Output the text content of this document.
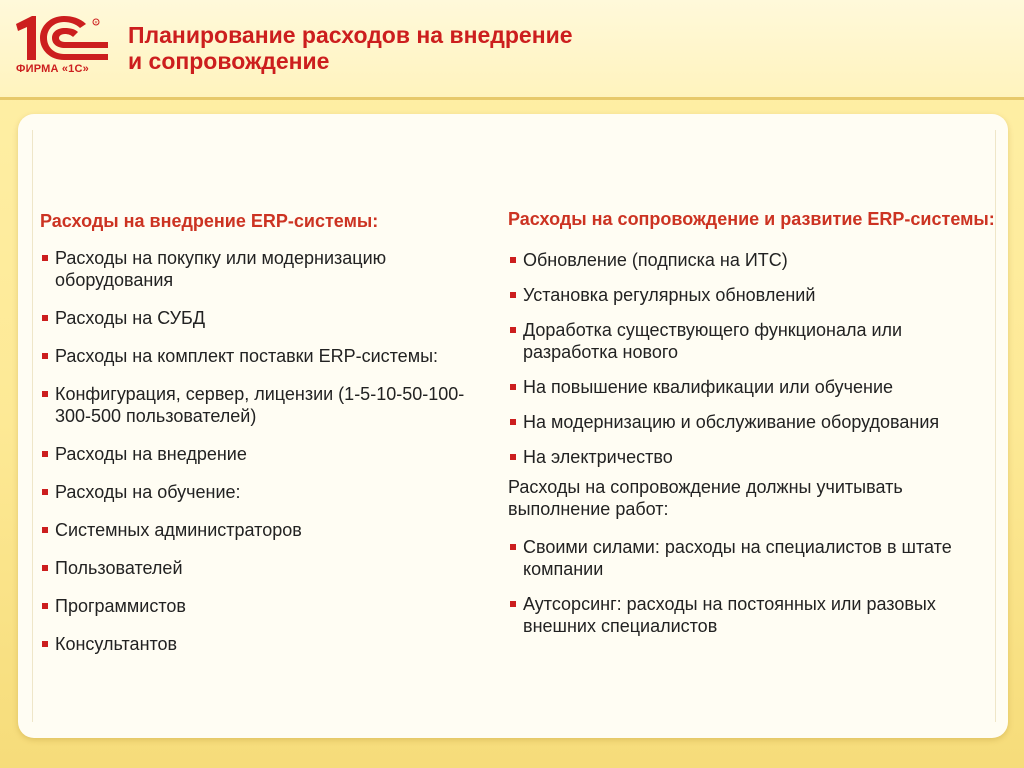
R
ФИРМА «1С»
Планирование расходов на внедрение
и сопровождение
Расходы на внедрение ERP-системы:
Расходы на покупку или модернизацию оборудования
Расходы на СУБД
Расходы на комплект поставки ERP-системы:
Конфигурация, сервер, лицензии (1-5-10-50-100-300-500 пользователей)
Расходы на внедрение
Расходы на обучение:
Системных администраторов
Пользователей
Программистов
Консультантов
Расходы на сопровождение и развитие ERP-системы:
Обновление (подписка на ИТС)
Установка регулярных обновлений
Доработка существующего функционала или разработка нового
На повышение квалификации или обучение
На модернизацию и обслуживание оборудования
На электричество

Расходы на сопровождение должны учитывать выполнение работ:

Своими силами: расходы на специалистов в штате компании
Аутсорсинг: расходы на постоянных или разовых внешних специалистов
